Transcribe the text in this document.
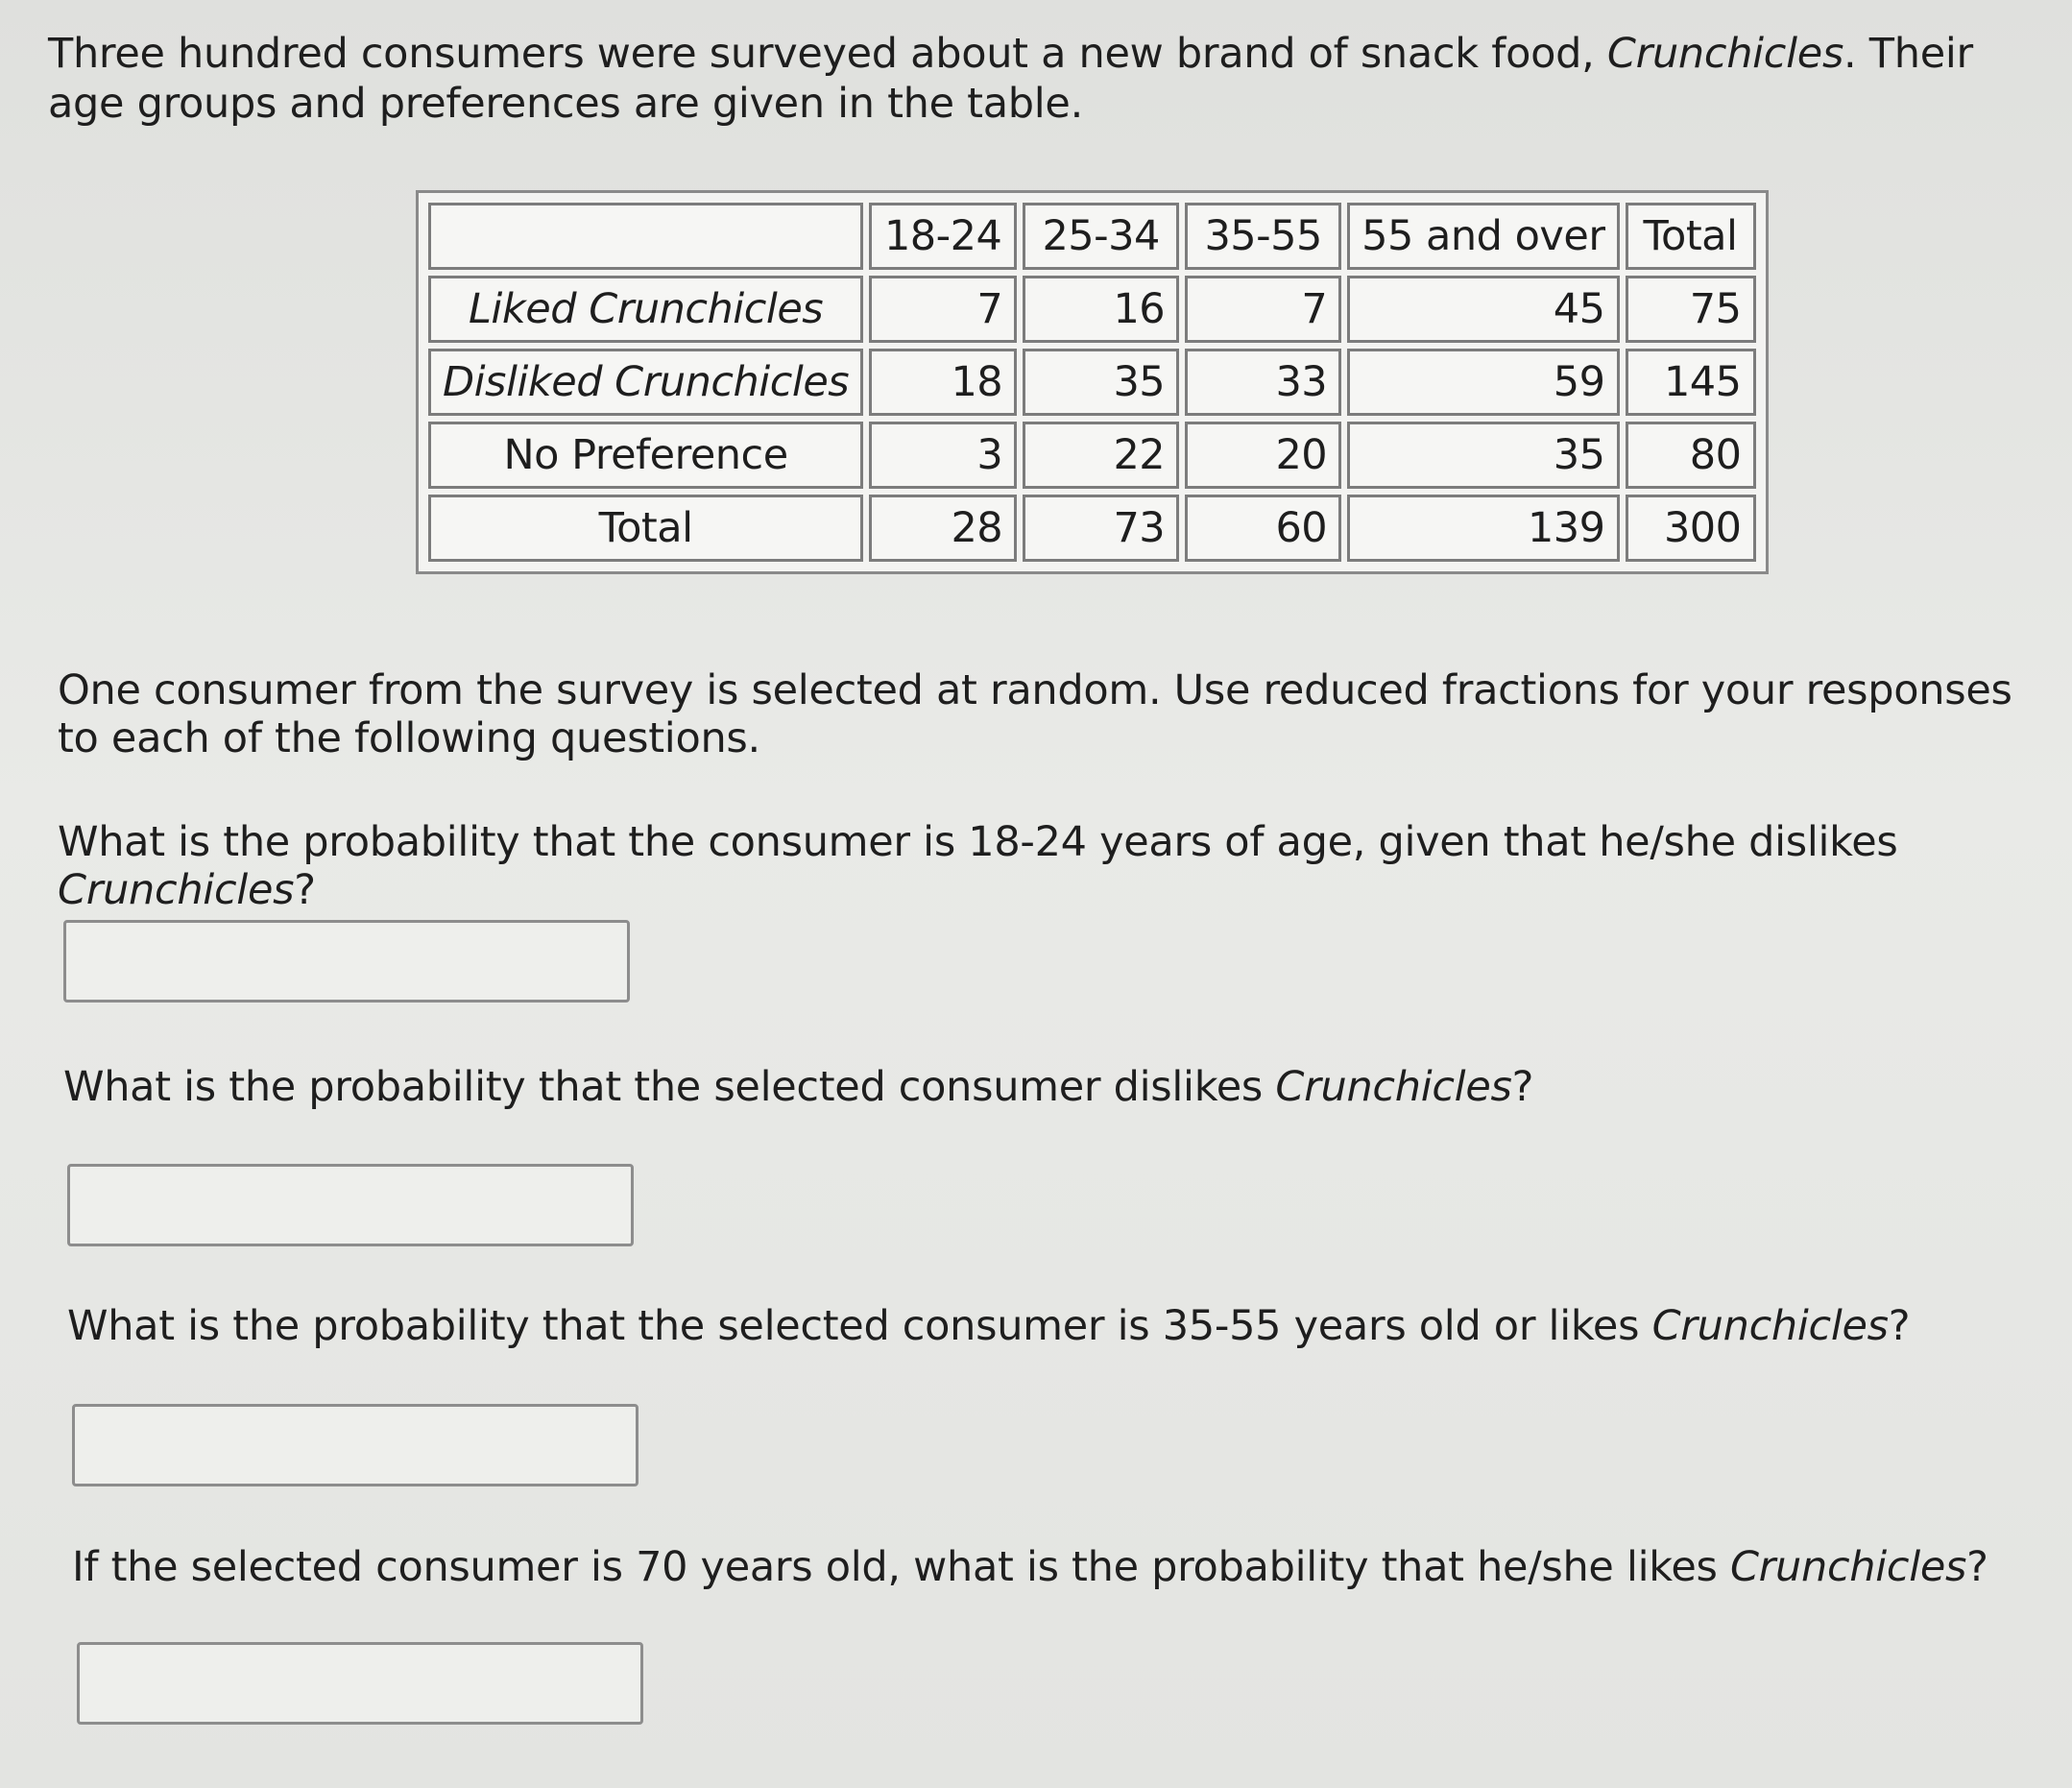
Three hundred consumers were surveyed about a new brand of snack food, Crunchicles. Their age groups and preferences are given in the table.
	18-24	25-34	35-55	55 and over	Total
Liked Crunchicles	7	16	7	45	75
Disliked Crunchicles	18	35	33	59	145
No Preference	3	22	20	35	80
Total	28	73	60	139	300
One consumer from the survey is selected at random. Use reduced fractions for your responses to each of the following questions.
What is the probability that the consumer is 18-24 years of age, given that he/she dislikes Crunchicles?
What is the probability that the selected consumer dislikes Crunchicles?
What is the probability that the selected consumer is 35-55 years old or likes Crunchicles?
If the selected consumer is 70 years old, what is the probability that he/she likes Crunchicles?
